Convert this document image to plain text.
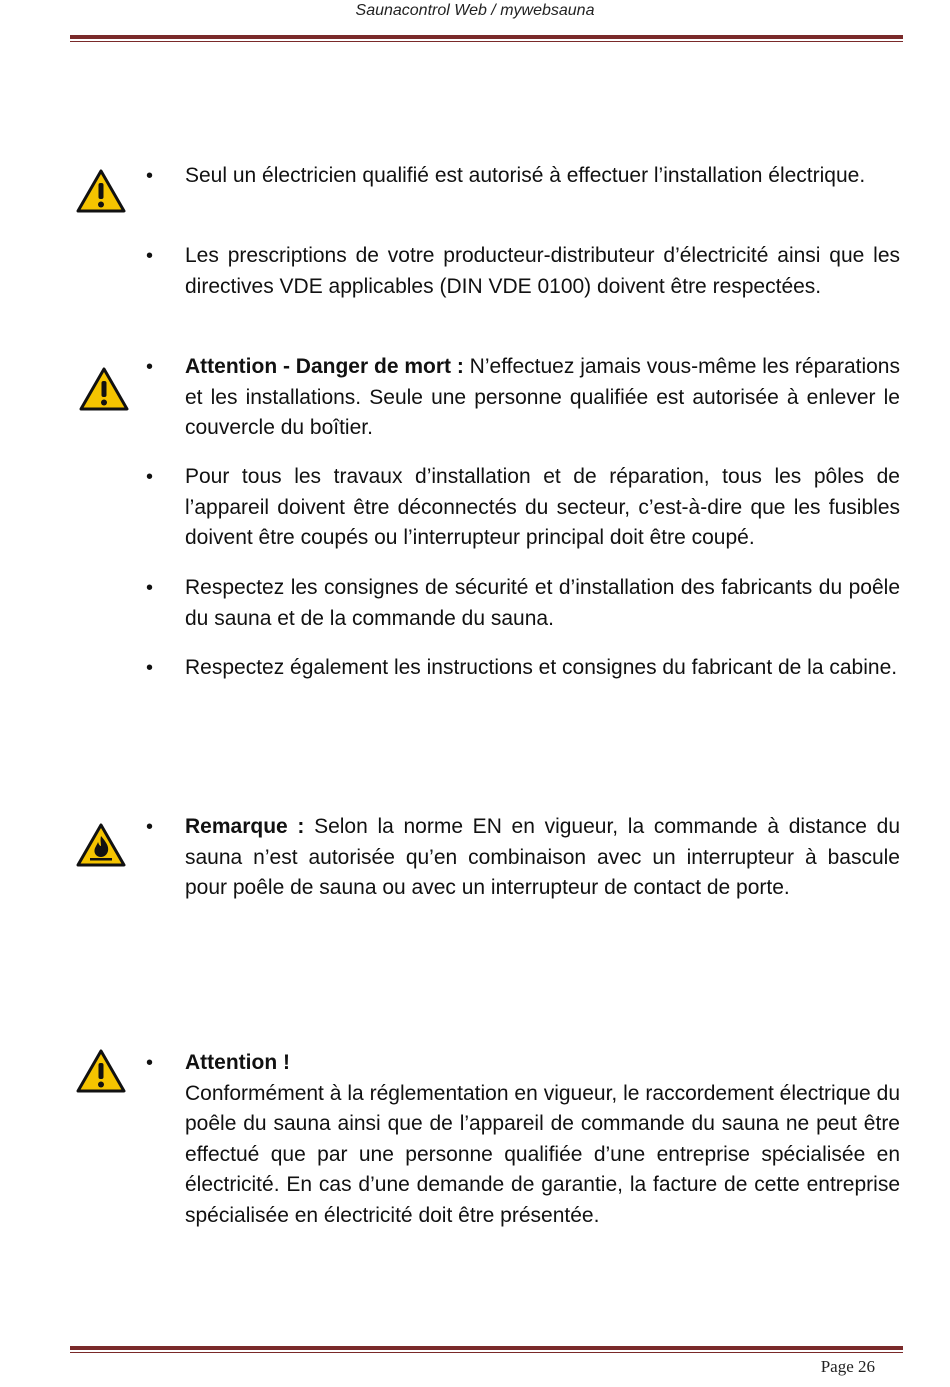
Saunacontrol Web / mywebsauna
•
•
•
•
•
•
•
•
Seul un électricien qualifié est autorisé à effectuer l’installation électrique.
Les prescriptions de votre producteur-distributeur d’électricité ainsi que les directives VDE applicables (DIN VDE 0100) doivent être respectées.
Attention - Danger de mort : N’effectuez jamais vous-même les réparations et les installations. Seule une personne qualifiée est autorisée à enlever le couvercle du boîtier.
Pour tous les travaux d’installation et de réparation, tous les pôles de l’appareil doivent être déconnectés du secteur, c’est-à-dire que les fusibles doivent être coupés ou l’interrupteur principal doit être coupé.
Respectez les consignes de sécurité et d’installation des fabricants du poêle du sauna et de la commande du sauna.
Respectez également les instructions et consignes du fabricant de la cabine.
Remarque : Selon la norme EN en vigueur, la commande à distance du sauna n’est autorisée qu’en combinaison avec un interrupteur à bascule pour poêle de sauna ou avec un interrupteur de contact de porte.
Attention !
Conformément à la réglementation en vigueur, le raccordement électrique du poêle du sauna ainsi que de l’appareil de commande du sauna ne peut être effectué que par une personne qualifiée d’une entreprise spécialisée en électricité. En cas d’une demande de garantie, la facture de cette entreprise spécialisée en électricité doit être présentée.
Page 26
